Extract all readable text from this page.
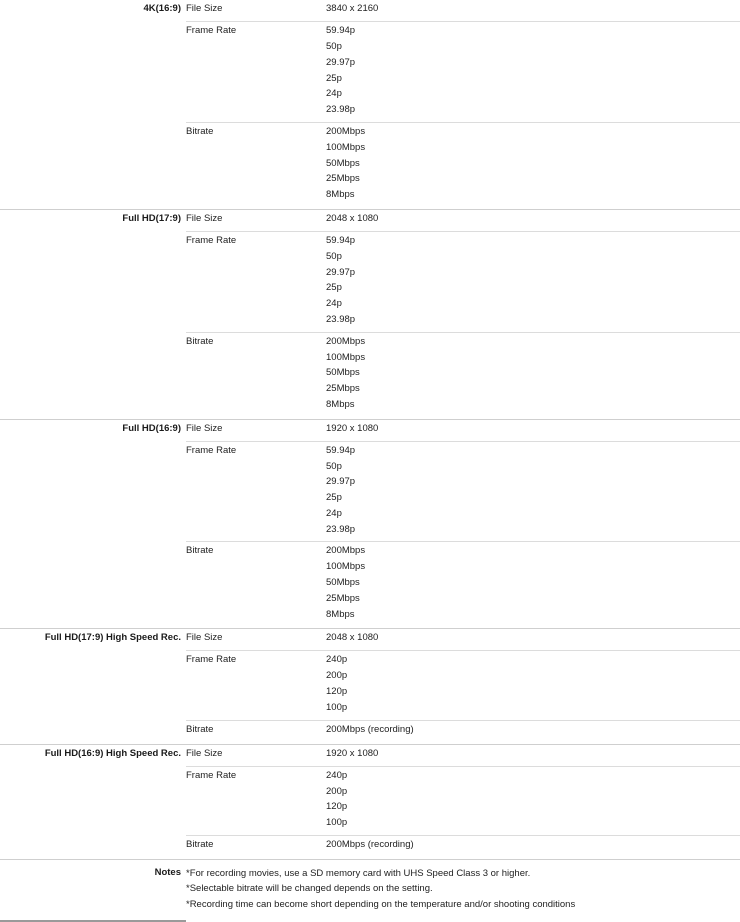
4K(16:9) File Size	3840 x 2160
Frame Rate	59.94p
50p
29.97p
25p
24p
23.98p
Bitrate	200Mbps
100Mbps
50Mbps
25Mbps
8Mbps
Full HD(17:9) File Size	2048 x 1080
Frame Rate	59.94p
50p
29.97p
25p
24p
23.98p
Bitrate	200Mbps
100Mbps
50Mbps
25Mbps
8Mbps
Full HD(16:9) File Size	1920 x 1080
Frame Rate	59.94p
50p
29.97p
25p
24p
23.98p
Bitrate	200Mbps
100Mbps
50Mbps
25Mbps
8Mbps
Full HD(17:9) High Speed Rec. File Size	2048 x 1080
Frame Rate	240p
200p
120p
100p
Bitrate	200Mbps (recording)
Full HD(16:9) High Speed Rec. File Size	1920 x 1080
Frame Rate	240p
200p
120p
100p
Bitrate	200Mbps (recording)
Notes *For recording movies, use a SD memory card with UHS Speed Class 3 or higher.
*Selectable bitrate will be changed depends on the setting.
*Recording time can become short depending on the temperature and/or shooting conditions
